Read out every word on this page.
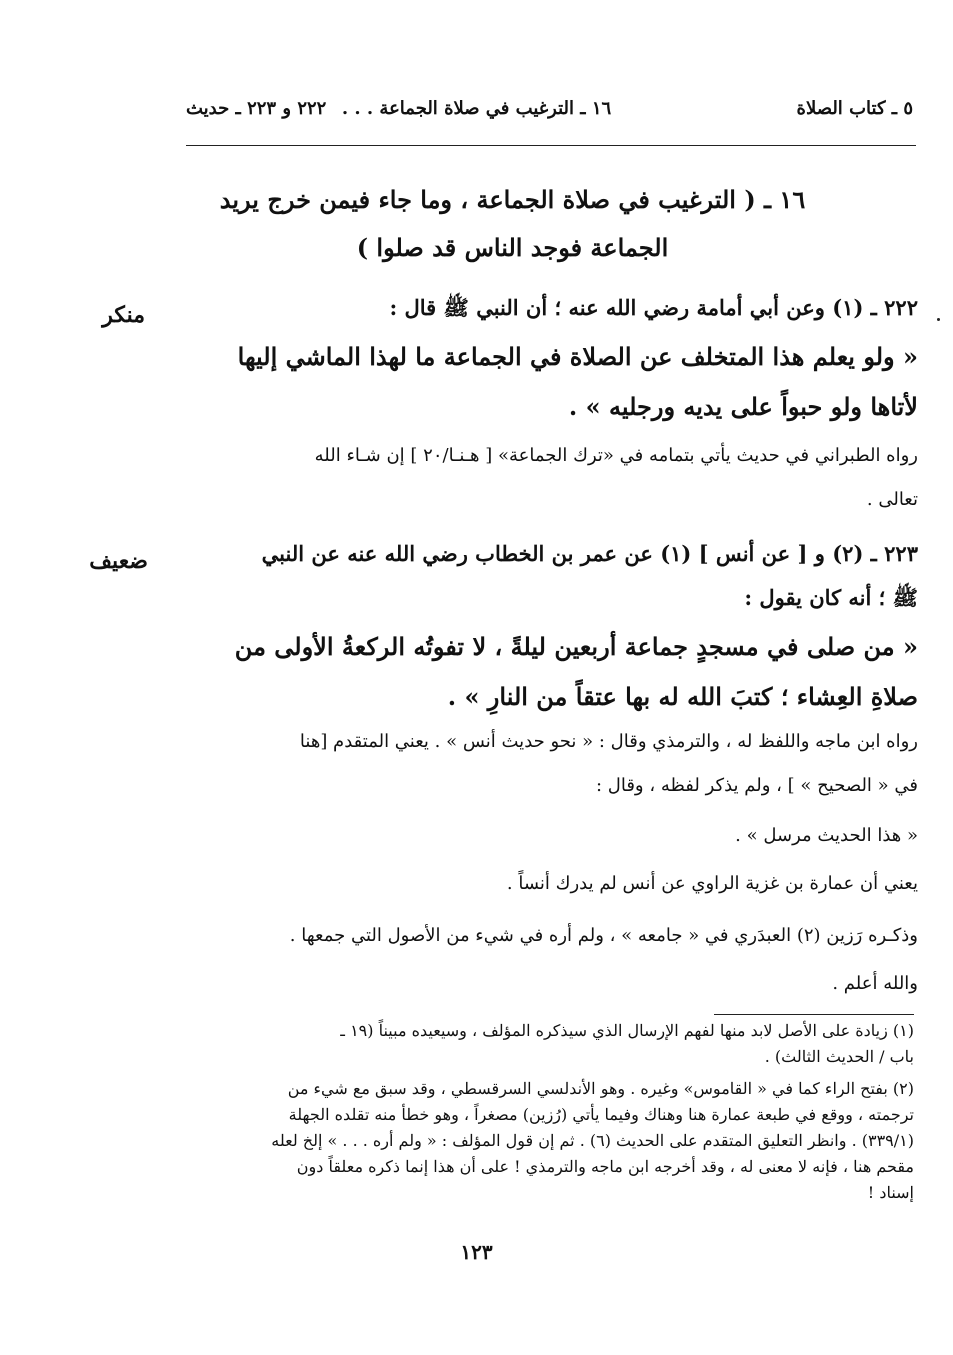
٥ ـ كتاب الصلاة
١٦ ـ الترغيب في صلاة الجماعة . . .
٢٢٢ و ٢٢٣ ـ حديث
١٦ ـ ( الترغيب في صلاة الجماعة ، وما جاء فيمن خرج يريد
الجماعة فوجد الناس قد صلوا )
منكر	٢٢٢ ـ (١) وعن أبي أمامة رضي الله عنه ؛ أن النبي ﷺ قال :
« ولو يعلم هذا المتخلف عن الصلاة في الجماعة ما لهذا الماشي إليها
لأتاها ولو حبواً على يديه ورجليه » .
رواه الطبراني في حديث يأتي بتمامه في «ترك الجماعة» [ هـنـا/٢٠ ] إن شـاء الله
تعالى .
ضعيف	٢٢٣ ـ (٢) و [ عن أنس ] (١) عن عمر بن الخطاب رضي الله عنه عن النبي
ﷺ ؛ أنه كان يقول :
« من صلى في مسجدٍ جماعة أربعين ليلةً ، لا تفوتُه الركعةُ الأولى من
صلاةِ العِشاء ؛ كتبَ الله له بها عتقاً من النارِ » .
رواه ابن ماجه واللفظ له ، والترمذي وقال : « نحو حديث أنس » . يعني المتقدم [هنا
في « الصحيح » ] ، ولم يذكر لفظه ، وقال :
« هذا الحديث مرسل » .
يعني أن عمارة بن غزية الراوي عن أنس لم يدرك أنساً .
وذكـره رَزين (٢) العبدَري في « جامعه » ، ولم أره في شيء من الأصول التي جمعها .
والله أعلم .
(١) زيادة على الأصل لابد منها لفهم الإرسال الذي سيذكره المؤلف ، وسيعيده مبيناً (١٩ ـ
باب / الحديث الثالث) .
(٢) بفتح الراء كما في « القاموس» وغيره . وهو الأندلسي السرقسطي ، وقد سبق مع شيء من
ترجمته ، ووقع في طبعة عمارة هنا وهناك وفيما يأتي (رُزين) مصغراً ، وهو خطأ منه تقلده الجهلة
(٣٣٩/١) . وانظر التعليق المتقدم على الحديث (٦) . ثم إن قول المؤلف : « ولم أره . . . » إلخ لعله
مقحم هنا ، فإنه لا معنى له ، وقد أخرجه ابن ماجه والترمذي ! على أن هذا إنما ذكره معلقاً دون
إسناد !
١٢٣
